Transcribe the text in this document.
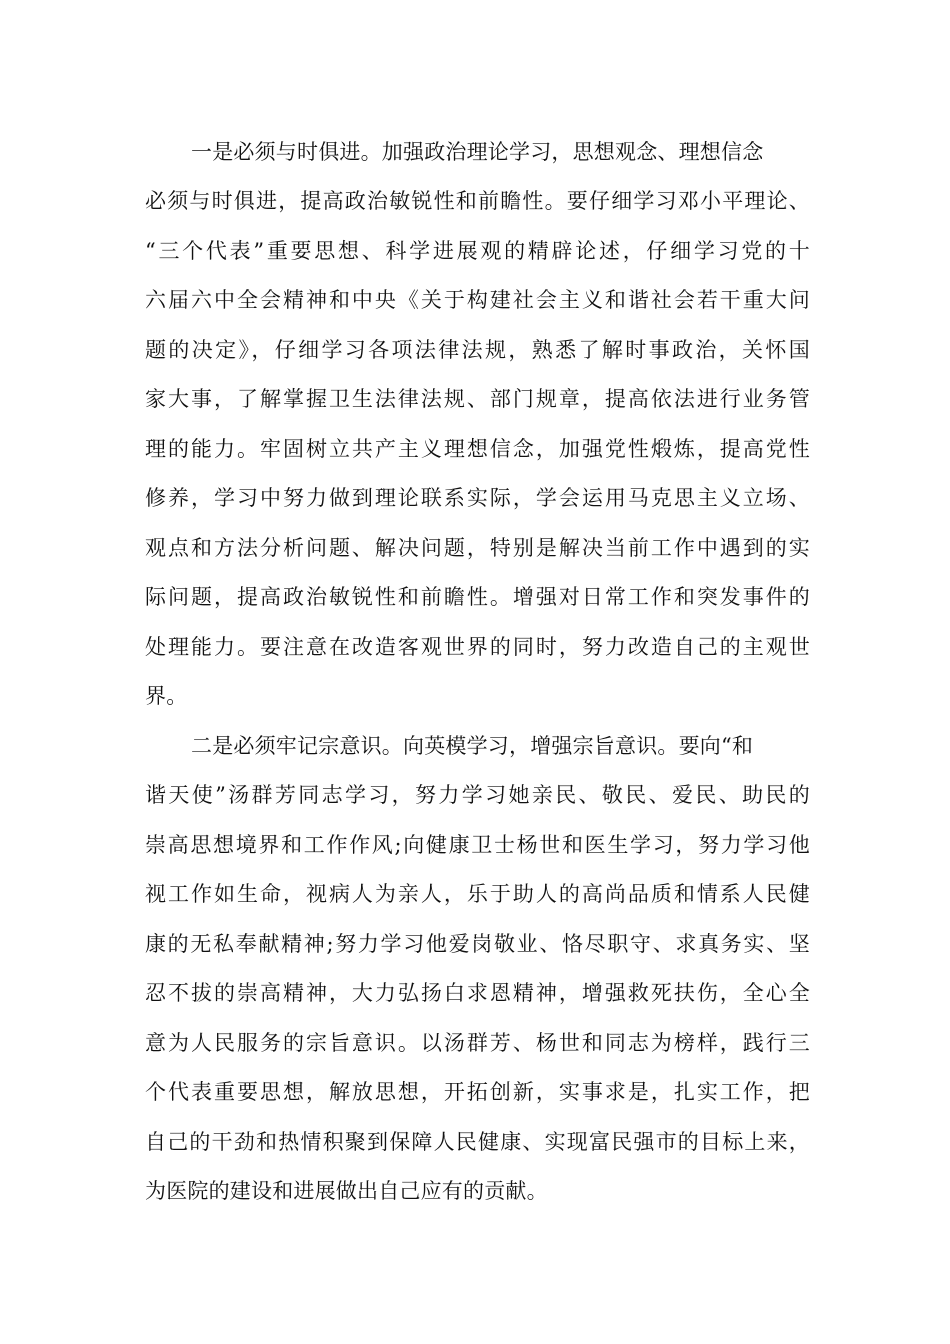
一是必须与时俱进。加强政治理论学习，思想观念、理想信念
必须与时俱进，提高政治敏锐性和前瞻性。要仔细学习邓小平理论、
“三个代表”重要思想、科学进展观的精辟论述，仔细学习党的十
六届六中全会精神和中央《关于构建社会主义和谐社会若干重大问
题的决定》，仔细学习各项法律法规，熟悉了解时事政治，关怀国
家大事，了解掌握卫生法律法规、部门规章，提高依法进行业务管
理的能力。牢固树立共产主义理想信念，加强党性煅炼，提高党性
修养，学习中努力做到理论联系实际，学会运用马克思主义立场、
观点和方法分析问题、解决问题，特别是解决当前工作中遇到的实
际问题，提高政治敏锐性和前瞻性。增强对日常工作和突发事件的
处理能力。要注意在改造客观世界的同时，努力改造自己的主观世
界。
二是必须牢记宗意识。向英模学习，增强宗旨意识。要向“和
谐天使”汤群芳同志学习，努力学习她亲民、敬民、爱民、助民的
崇高思想境界和工作作风;向健康卫士杨世和医生学习，努力学习他
视工作如生命，视病人为亲人，乐于助人的高尚品质和情系人民健
康的无私奉献精神;努力学习他爱岗敬业、恪尽职守、求真务实、坚
忍不拔的崇高精神，大力弘扬白求恩精神，增强救死扶伤，全心全
意为人民服务的宗旨意识。以汤群芳、杨世和同志为榜样，践行三
个代表重要思想，解放思想，开拓创新，实事求是，扎实工作，把
自己的干劲和热情积聚到保障人民健康、实现富民强市的目标上来，
为医院的建设和进展做出自己应有的贡献。
